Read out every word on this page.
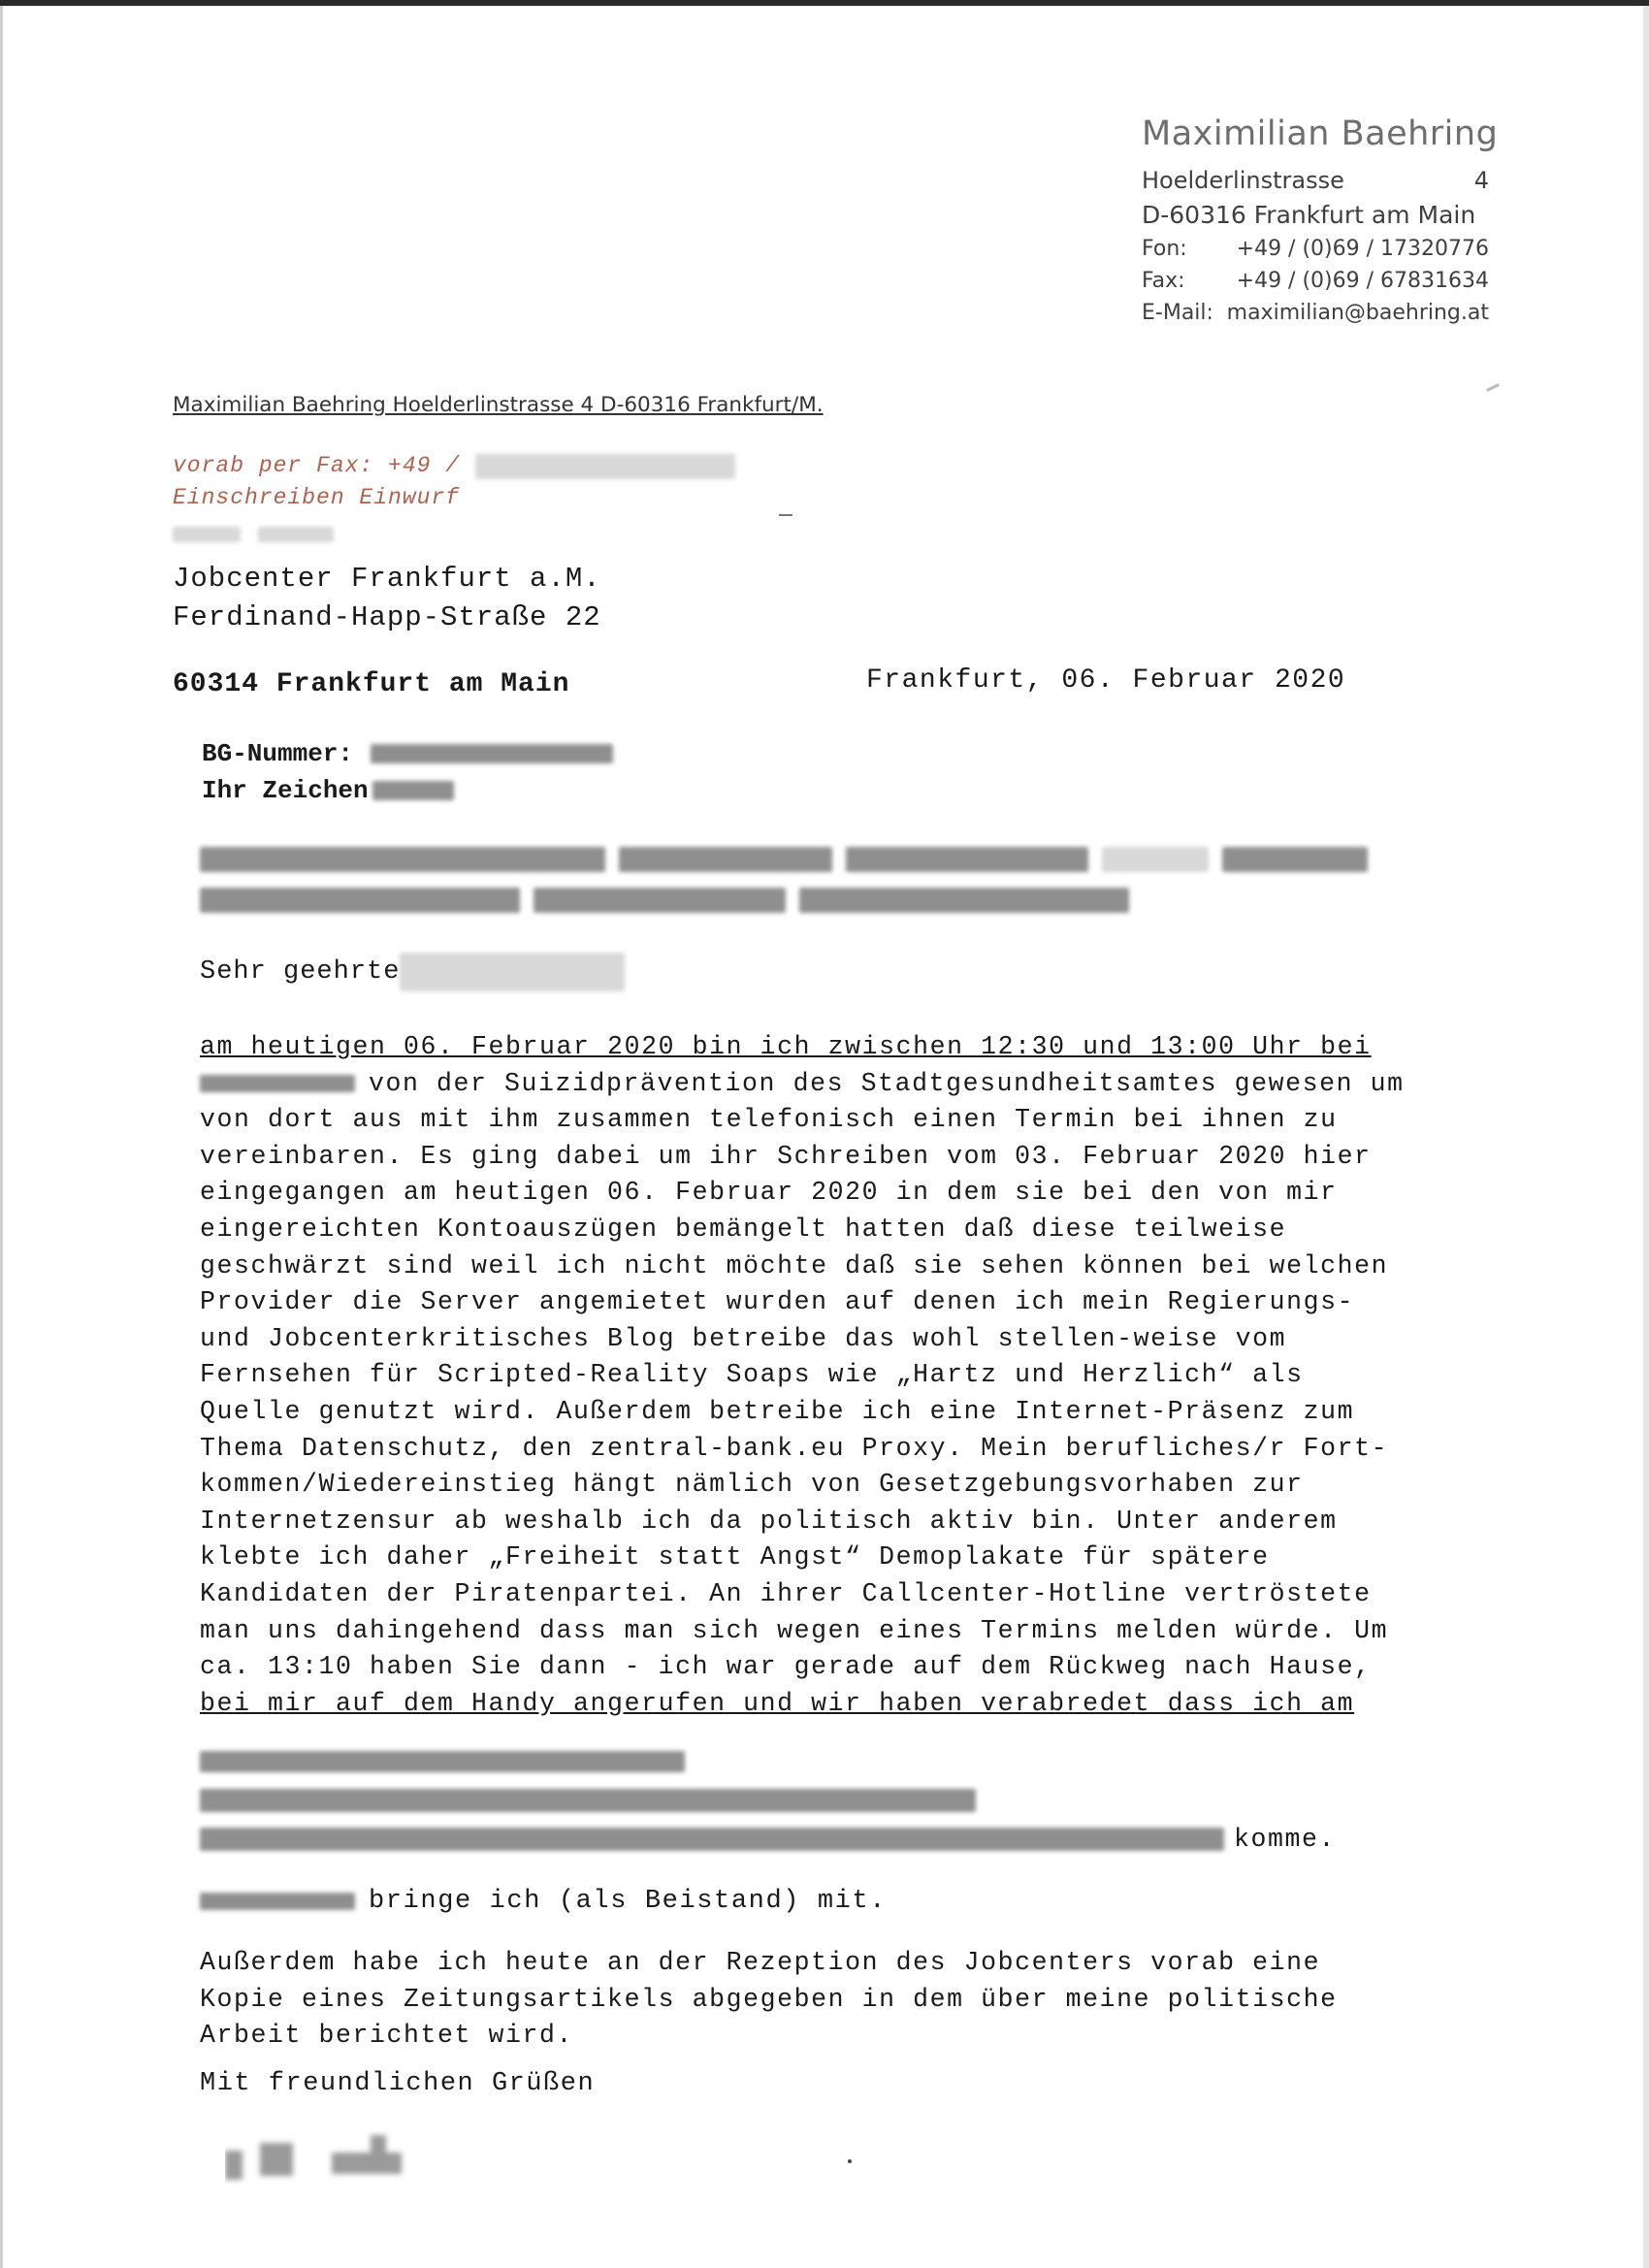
Maximilian Baehring
Hoelderlinstrasse	4
D-60316 Frankfurt am Main
Fon: +49 / (0)69 / 17320776
Fax: +49 / (0)69 / 67831634
E-Mail: maximilian@baehring.at
Maximilian Baehring Hoelderlinstrasse 4 D-60316 Frankfurt/M.
vorab per Fax: +49 /
Einschreiben Einwurf
Jobcenter Frankfurt a.M.
Ferdinand-Happ-Straße 22
60314 Frankfurt am Main	Frankfurt, 06. Februar 2020
BG-Nummer:
Ihr Zeichen
Sehr geehrte
am heutigen 06. Februar 2020 bin ich zwischen 12:30 und 13:00 Uhr bei
von der Suizidprävention des Stadtgesundheitsamtes gewesen um
von dort aus mit ihm zusammen telefonisch einen Termin bei ihnen zu
vereinbaren. Es ging dabei um ihr Schreiben vom 03. Februar 2020 hier
eingegangen am heutigen 06. Februar 2020 in dem sie bei den von mir
eingereichten Kontoauszügen bemängelt hatten daß diese teilweise
geschwärzt sind weil ich nicht möchte daß sie sehen können bei welchen
Provider die Server angemietet wurden auf denen ich mein Regierungs-
und Jobcenterkritisches Blog betreibe das wohl stellen-weise vom
Fernsehen für Scripted-Reality Soaps wie „Hartz und Herzlich“ als
Quelle genutzt wird. Außerdem betreibe ich eine Internet-Präsenz zum
Thema Datenschutz, den zentral-bank.eu Proxy. Mein berufliches/r Fort-
kommen/Wiedereinstieg hängt nämlich von Gesetzgebungsvorhaben zur
Internetzensur ab weshalb ich da politisch aktiv bin. Unter anderem
klebte ich daher „Freiheit statt Angst“ Demoplakate für spätere
Kandidaten der Piratenpartei. An ihrer Callcenter-Hotline vertröstete
man uns dahingehend dass man sich wegen eines Termins melden würde. Um
ca. 13:10 haben Sie dann - ich war gerade auf dem Rückweg nach Hause,
bei mir auf dem Handy angerufen und wir haben verabredet dass ich am
komme.
bringe ich (als Beistand) mit.
Außerdem habe ich heute an der Rezeption des Jobcenters vorab eine
Kopie eines Zeitungsartikels abgegeben in dem über meine politische
Arbeit berichtet wird.
Mit freundlichen Grüßen
